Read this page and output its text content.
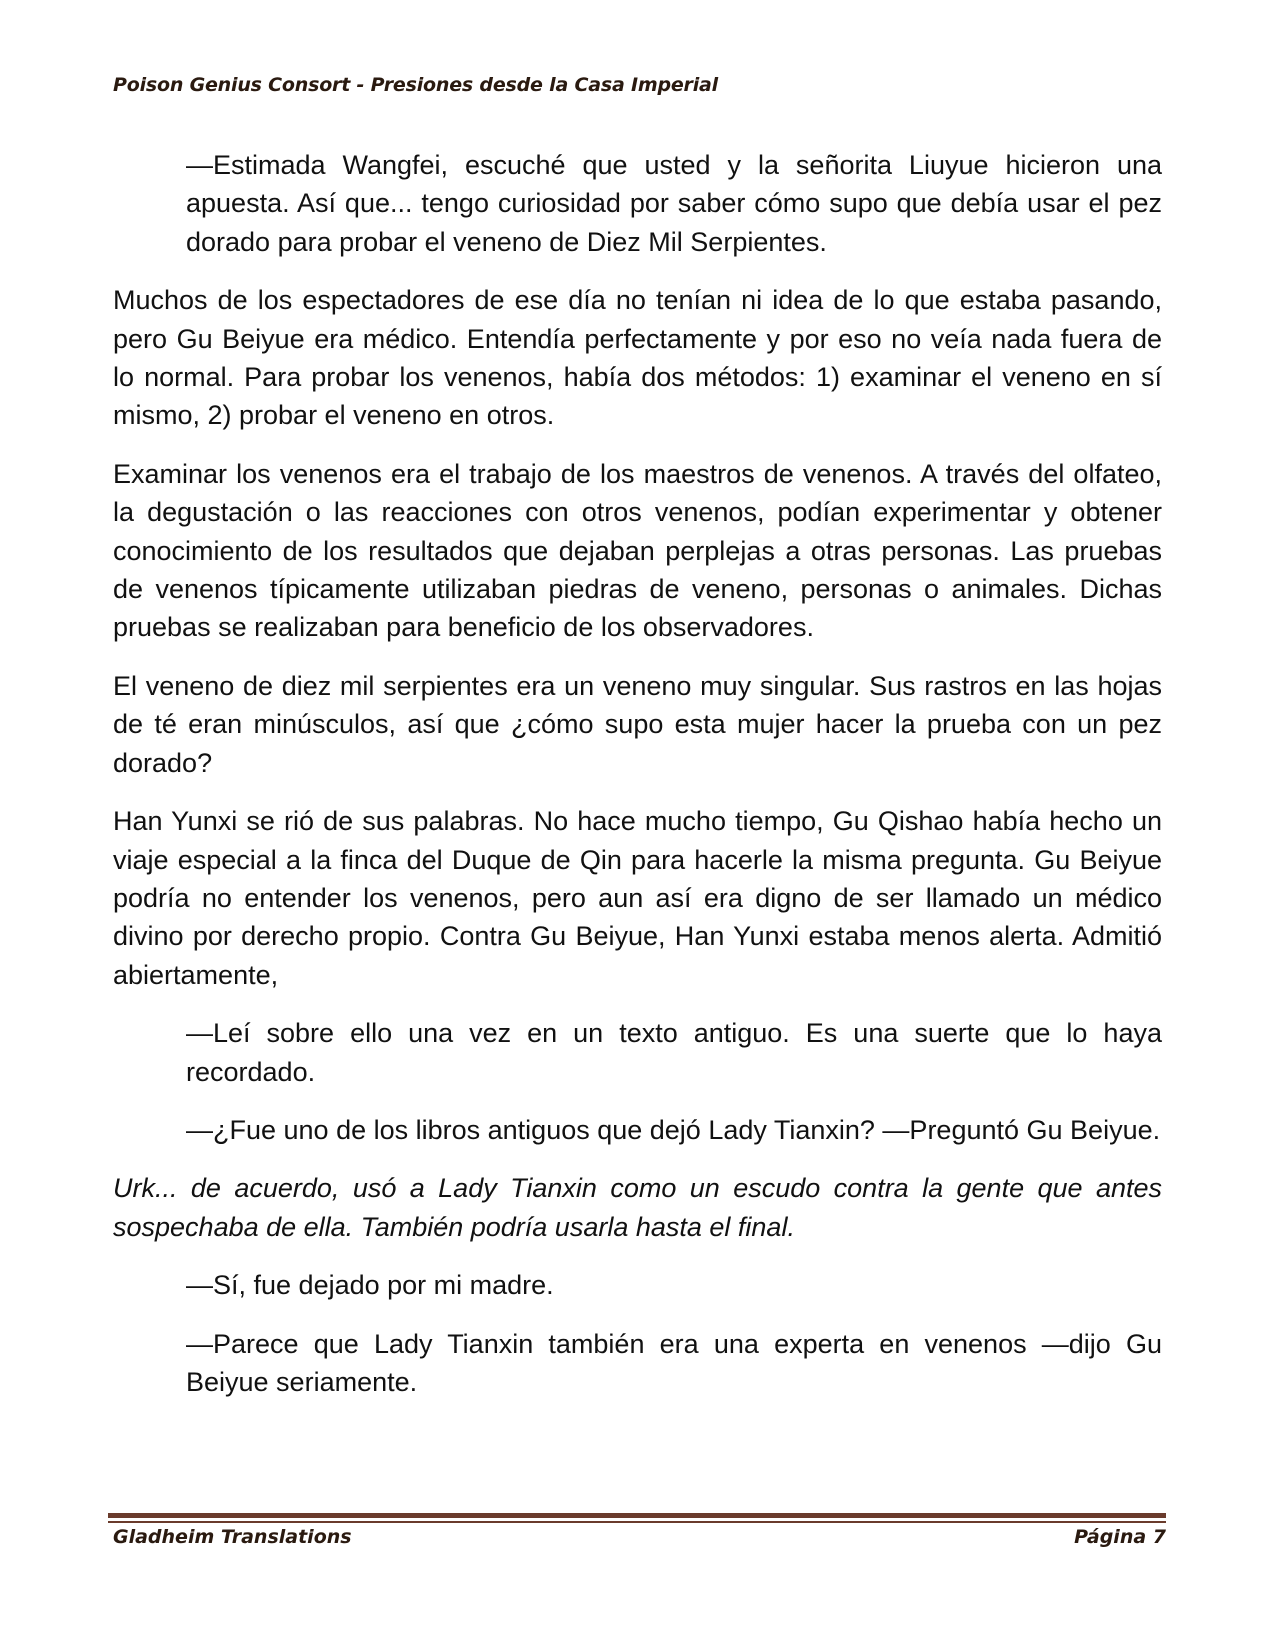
Poison Genius Consort - Presiones desde la Casa Imperial

—Estimada Wangfei, escuché que usted y la señorita Liuyue hicieron una apuesta. Así que... tengo curiosidad por saber cómo supo que debía usar el pez dorado para probar el veneno de Diez Mil Serpientes.

Muchos de los espectadores de ese día no tenían ni idea de lo que estaba pasando, pero Gu Beiyue era médico. Entendía perfectamente y por eso no veía nada fuera de lo normal. Para probar los venenos, había dos métodos: 1) examinar el veneno en sí mismo, 2) probar el veneno en otros.

Examinar los venenos era el trabajo de los maestros de venenos. A través del olfateo, la degustación o las reacciones con otros venenos, podían experimentar y obtener conocimiento de los resultados que dejaban perplejas a otras personas. Las pruebas de venenos típicamente utilizaban piedras de veneno, personas o animales. Dichas pruebas se realizaban para beneficio de los observadores.

El veneno de diez mil serpientes era un veneno muy singular. Sus rastros en las hojas de té eran minúsculos, así que ¿cómo supo esta mujer hacer la prueba con un pez dorado?

Han Yunxi se rió de sus palabras. No hace mucho tiempo, Gu Qishao había hecho un viaje especial a la finca del Duque de Qin para hacerle la misma pregunta. Gu Beiyue podría no entender los venenos, pero aun así era digno de ser llamado un médico divino por derecho propio. Contra Gu Beiyue, Han Yunxi estaba menos alerta. Admitió abiertamente,

—Leí sobre ello una vez en un texto antiguo. Es una suerte que lo haya recordado.

—¿Fue uno de los libros antiguos que dejó Lady Tianxin? —Preguntó Gu Beiyue.

Urk... de acuerdo, usó a Lady Tianxin como un escudo contra la gente que antes sospechaba de ella. También podría usarla hasta el final.

—Sí, fue dejado por mi madre.

—Parece que Lady Tianxin también era una experta en venenos —dijo Gu Beiyue seriamente.

Gladheim Translations	Página 7
